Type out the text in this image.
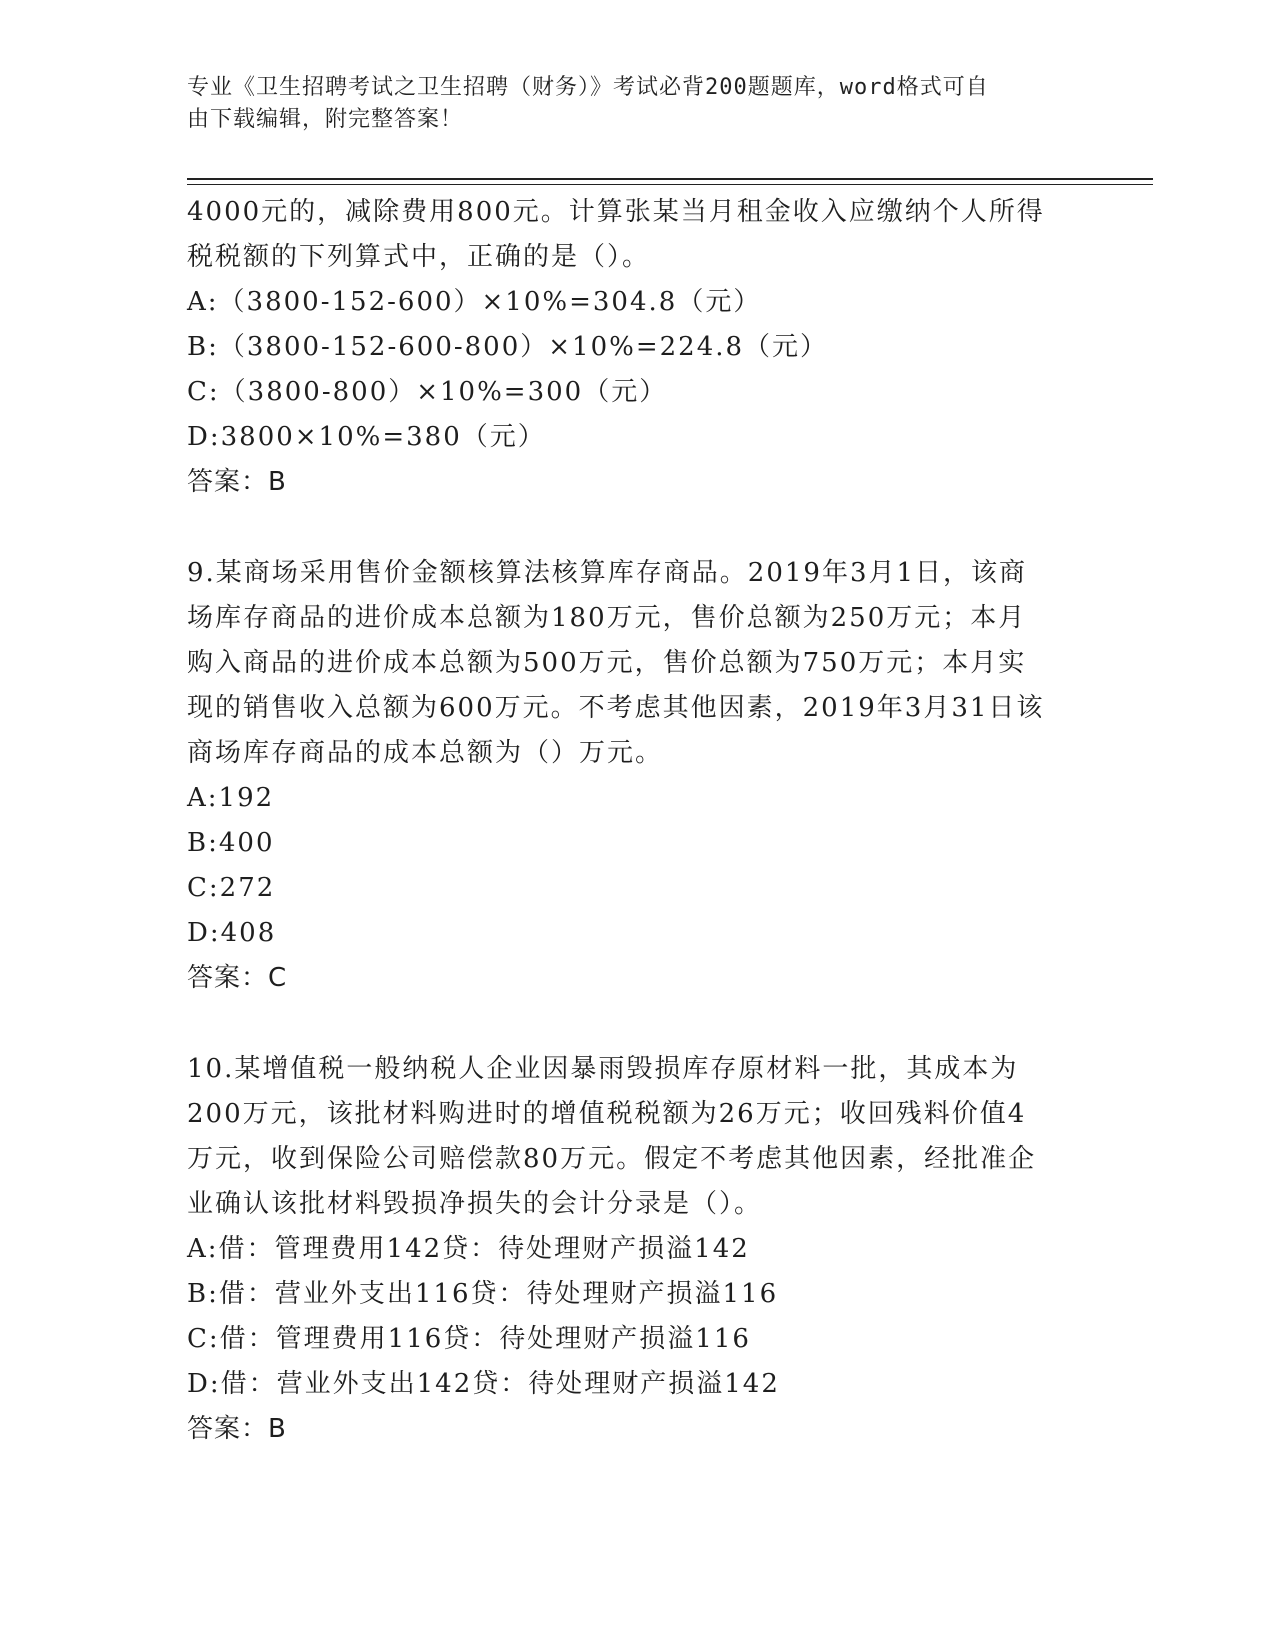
专业《卫生招聘考试之卫生招聘（财务）》考试必背200题题库，word格式可自
由下载编辑，附完整答案！

4000元的，减除费用800元。计算张某当月租金收入应缴纳个人所得

税税额的下列算式中，正确的是（）。

A:（3800-152-600）×10%=304.8（元）

B:（3800-152-600-800）×10%=224.8（元）

C:（3800-800）×10%=300（元）

D:3800×10%=380（元）

答案：B

9.某商场采用售价金额核算法核算库存商品。2019年3月1日，该商

场库存商品的进价成本总额为180万元，售价总额为250万元；本月

购入商品的进价成本总额为500万元，售价总额为750万元；本月实

现的销售收入总额为600万元。不考虑其他因素，2019年3月31日该

商场库存商品的成本总额为（）万元。

A:192

B:400

C:272

D:408

答案：C

10.某增值税一般纳税人企业因暴雨毁损库存原材料一批，其成本为

200万元，该批材料购进时的增值税税额为26万元；收回残料价值4

万元，收到保险公司赔偿款80万元。假定不考虑其他因素，经批准企

业确认该批材料毁损净损失的会计分录是（）。

A:借：管理费用142贷：待处理财产损溢142

B:借：营业外支出116贷：待处理财产损溢116

C:借：管理费用116贷：待处理财产损溢116

D:借：营业外支出142贷：待处理财产损溢142

答案：B
